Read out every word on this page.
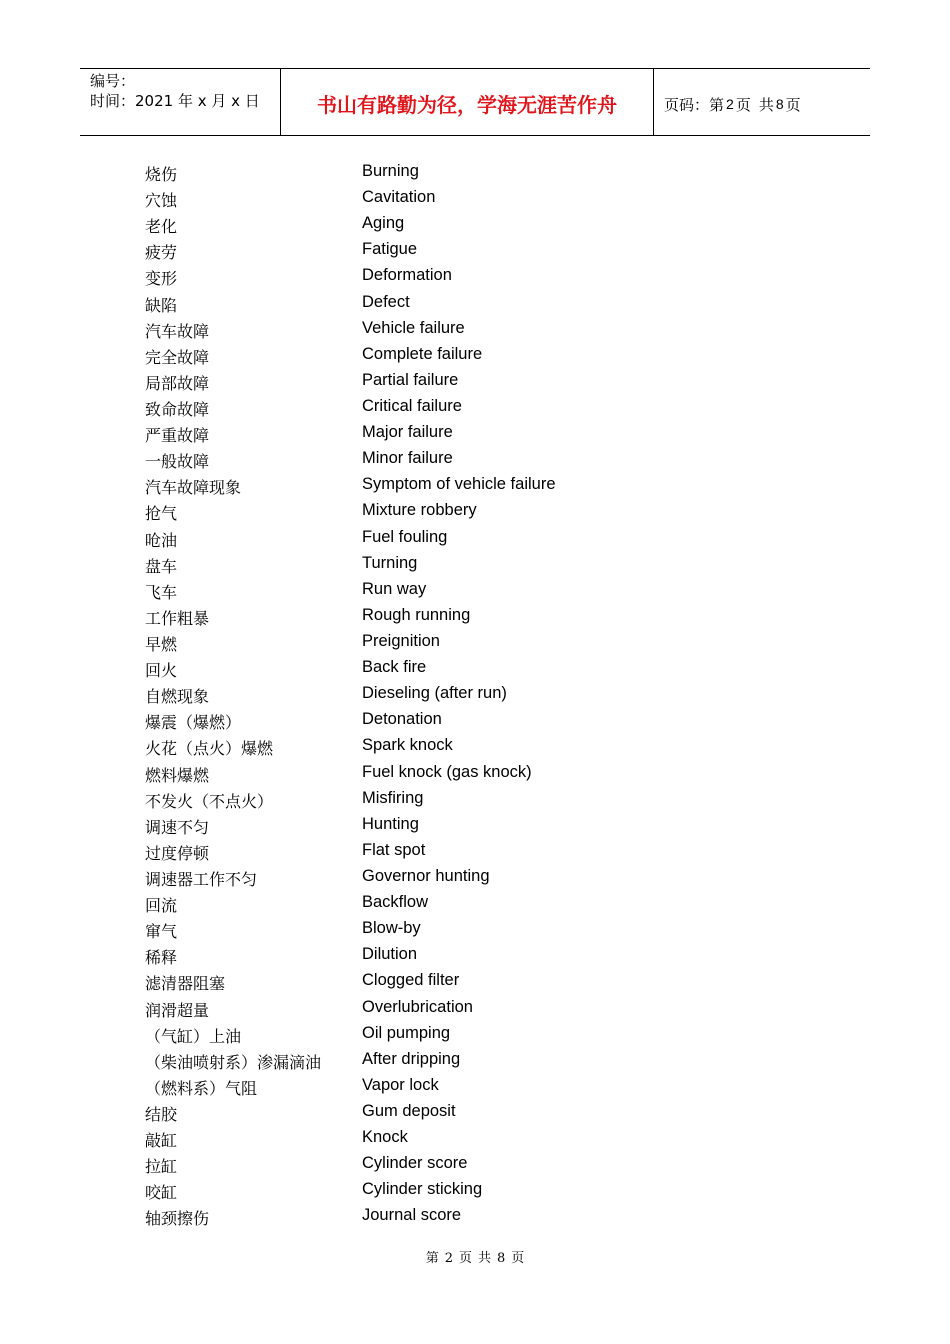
编号：
时间：2021 年 x 月 x 日	书山有路勤为径，学海无涯苦作舟	页码：第 2 页 共 8 页
烧伤	Burning
穴蚀	Cavitation
老化	Aging
疲劳	Fatigue
变形	Deformation
缺陷	Defect
汽车故障	Vehicle failure
完全故障	Complete failure
局部故障	Partial failure
致命故障	Critical failure
严重故障	Major failure
一般故障	Minor failure
汽车故障现象	Symptom of vehicle failure
抢气	Mixture robbery
呛油	Fuel fouling
盘车	Turning
飞车	Run way
工作粗暴	Rough running
早燃	Preignition
回火	Back fire
自燃现象	Dieseling (after run)
爆震（爆燃）	Detonation
火花（点火）爆燃	Spark knock
燃料爆燃	Fuel knock (gas knock)
不发火（不点火）	Misfiring
调速不匀	Hunting
过度停顿	Flat spot
调速器工作不匀	Governor hunting
回流	Backflow
窜气	Blow-by
稀释	Dilution
滤清器阻塞	Clogged filter
润滑超量	Overlubrication
（气缸）上油	Oil pumping
（柴油喷射系）渗漏滴油 After dripping
（燃料系）气阻	Vapor lock
结胶	Gum deposit
敲缸	Knock
拉缸	Cylinder score
咬缸	Cylinder sticking
轴颈擦伤	Journal score
第 2 页 共 8 页
